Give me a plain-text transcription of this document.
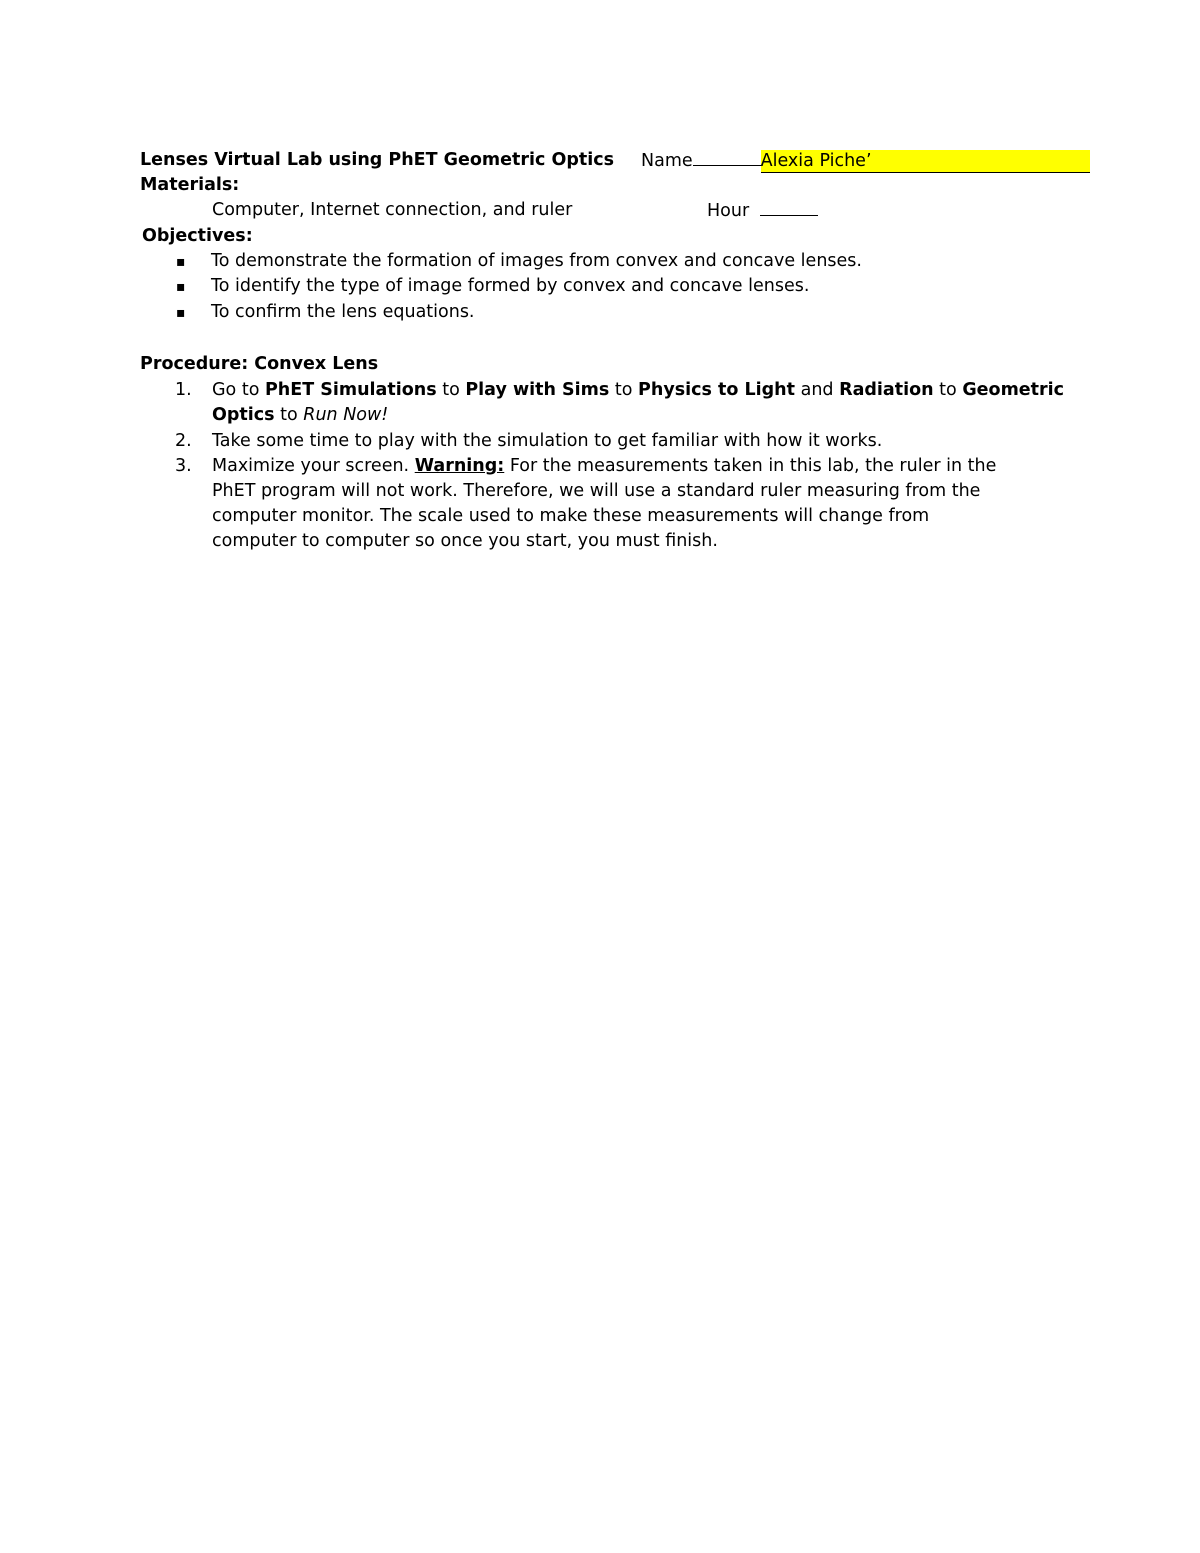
Lenses Virtual Lab using PhET Geometric Optics Name	Alexia Piche’
Materials:
Computer, Internet connection, and ruler	Hour
Objectives:
▪ To demonstrate the formation of images from convex and concave lenses.
▪ To identify the type of image formed by convex and concave lenses.
▪ To confirm the lens equations.
Procedure: Convex Lens
1. Go to PhET Simulations to Play with Sims to Physics to Light and Radiation to Geometric
Optics to Run Now!
2. Take some time to play with the simulation to get familiar with how it works.
3. Maximize your screen. Warning: For the measurements taken in this lab, the ruler in the
PhET program will not work. Therefore, we will use a standard ruler measuring from the
computer monitor. The scale used to make these measurements will change from
computer to computer so once you start, you must finish.
